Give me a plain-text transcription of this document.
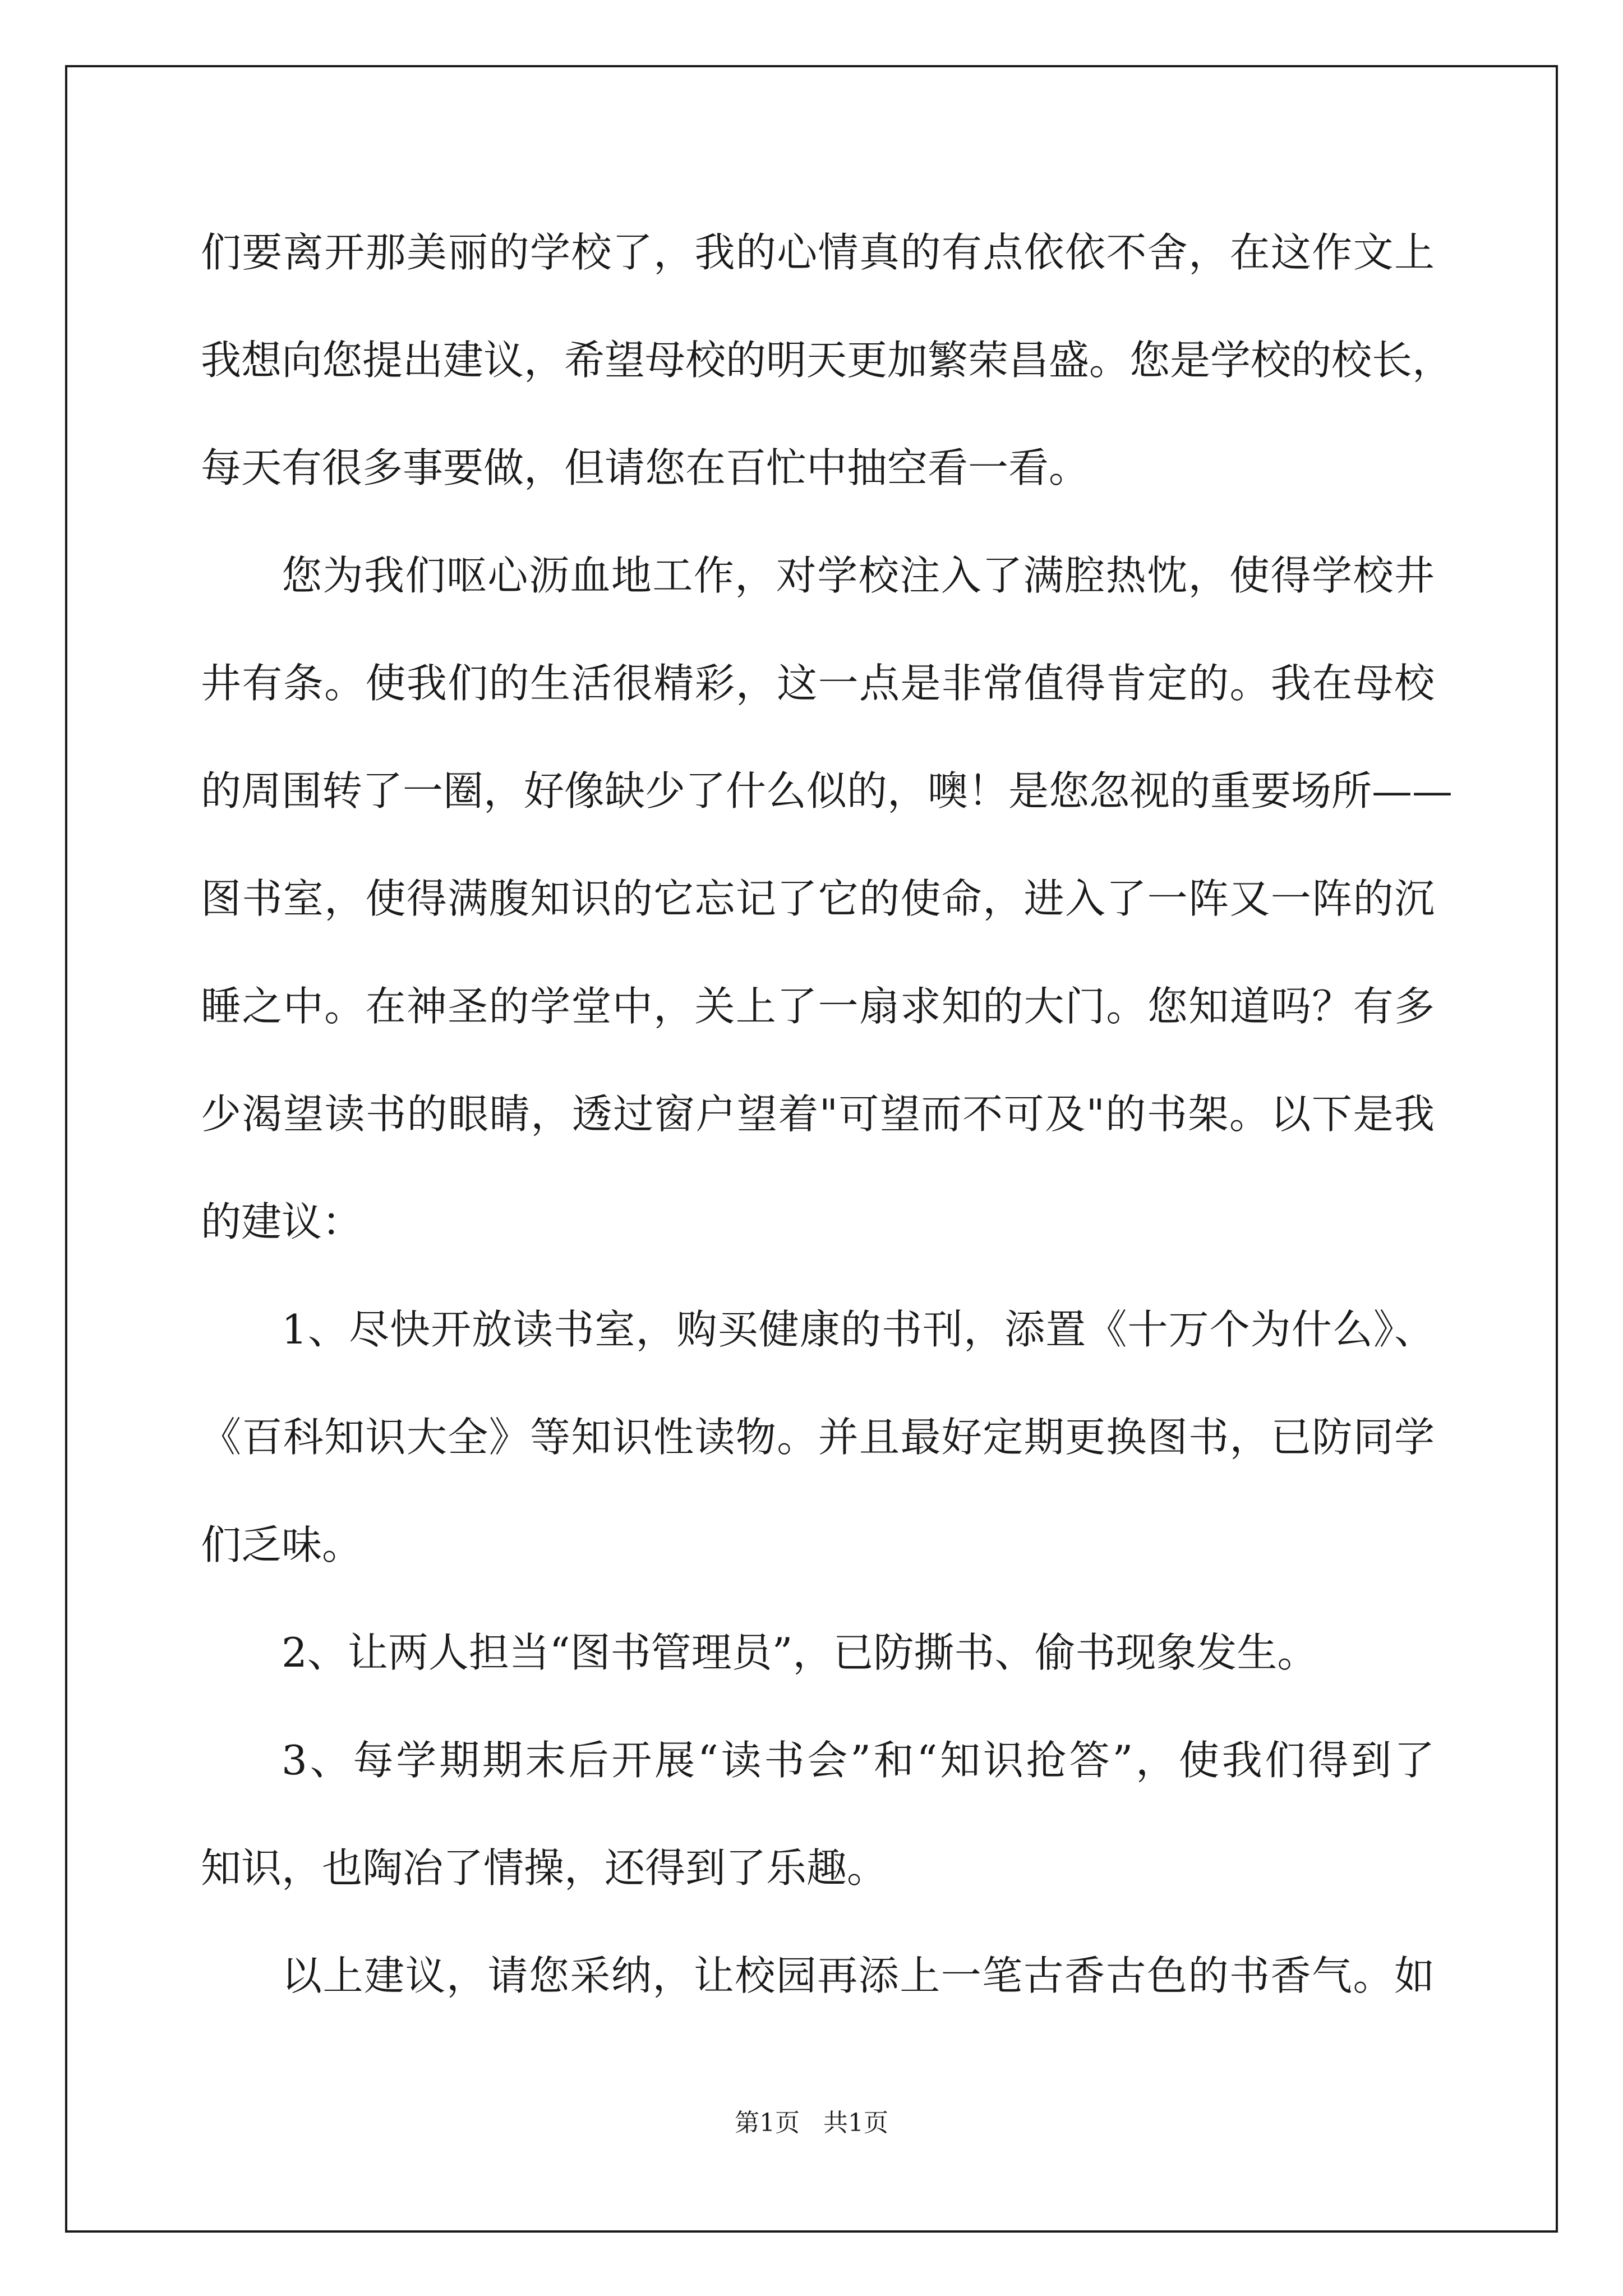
们要离开那美丽的学校了，我的心情真的有点依依不舍，在这作文上
我想向您提出建议，希望母校的明天更加繁荣昌盛。您是学校的校长，
每天有很多事要做，但请您在百忙中抽空看一看。
您为我们呕心沥血地工作，对学校注入了满腔热忱，使得学校井
井有条。使我们的生活很精彩，这一点是非常值得肯定的。我在母校
的周围转了一圈，好像缺少了什么似的，噢！是您忽视的重要场所——
图书室，使得满腹知识的它忘记了它的使命，进入了一阵又一阵的沉
睡之中。在神圣的学堂中，关上了一扇求知的大门。您知道吗？有多
少渴望读书的眼睛，透过窗户望着"可望而不可及"的书架。以下是我
的建议：
1、尽快开放读书室，购买健康的书刊，添置《十万个为什么》、
《百科知识大全》等知识性读物。并且最好定期更换图书，已防同学
们乏味。
2、让两人担当“图书管理员”，已防撕书、偷书现象发生。
3、每学期期末后开展“读书会”和“知识抢答”，使我们得到了
知识，也陶冶了情操，还得到了乐趣。
以上建议，请您采纳，让校园再添上一笔古香古色的书香气。如
第1页   共1页
